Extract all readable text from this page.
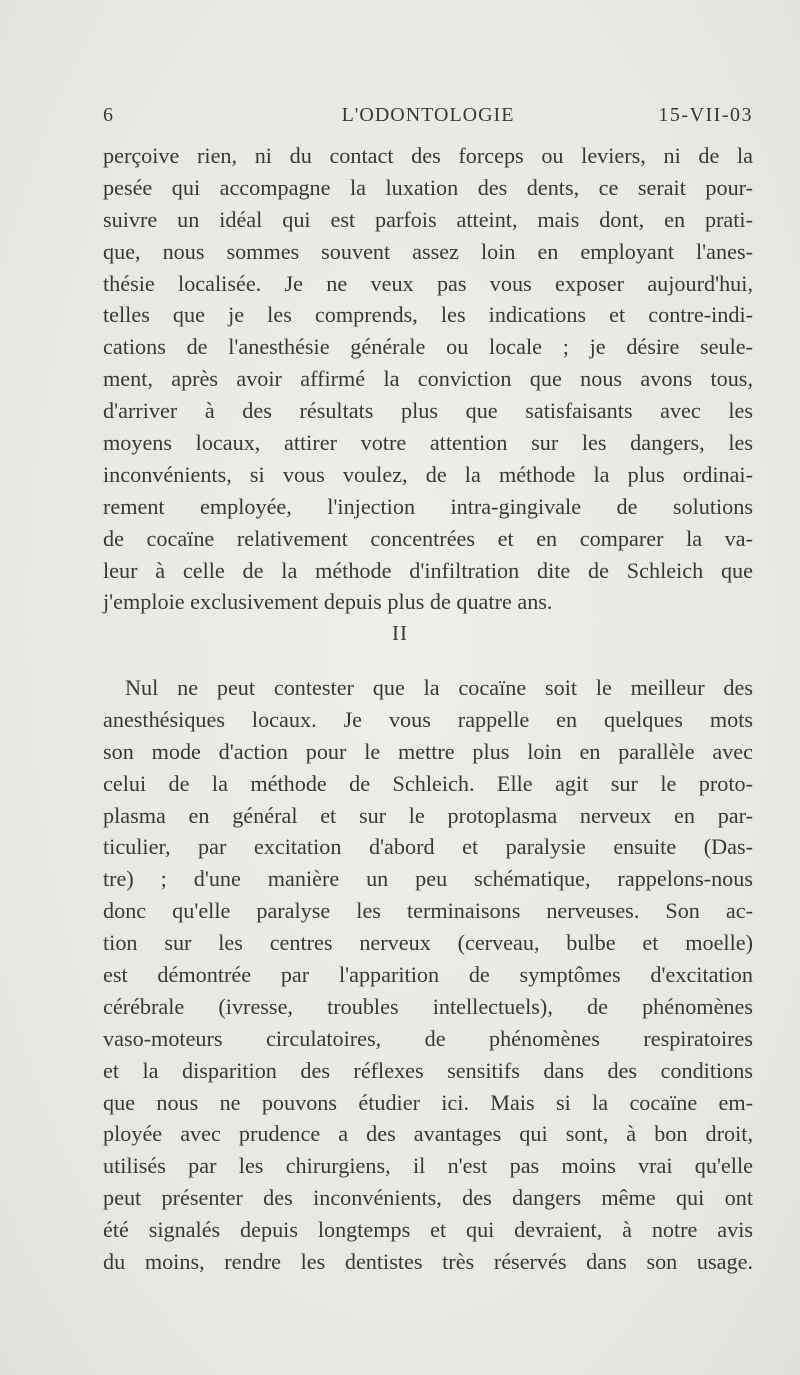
6	L'ODONTOLOGIE	15-VII-03
perçoive rien, ni du contact des forceps ou leviers, ni de la
pesée qui accompagne la luxation des dents, ce serait pour-
suivre un idéal qui est parfois atteint, mais dont, en prati-
que, nous sommes souvent assez loin en employant l'anes-
thésie localisée. Je ne veux pas vous exposer aujourd'hui,
telles que je les comprends, les indications et contre-indi-
cations de l'anesthésie générale ou locale ; je désire seule-
ment, après avoir affirmé la conviction que nous avons tous,
d'arriver à des résultats plus que satisfaisants avec les
moyens locaux, attirer votre attention sur les dangers, les
inconvénients, si vous voulez, de la méthode la plus ordinai-
rement employée, l'injection intra-gingivale de solutions
de cocaïne relativement concentrées et en comparer la va-
leur à celle de la méthode d'infiltration dite de Schleich que
j'emploie exclusivement depuis plus de quatre ans.
II
Nul ne peut contester que la cocaïne soit le meilleur des
anesthésiques locaux. Je vous rappelle en quelques mots
son mode d'action pour le mettre plus loin en parallèle avec
celui de la méthode de Schleich. Elle agit sur le proto-
plasma en général et sur le protoplasma nerveux en par-
ticulier, par excitation d'abord et paralysie ensuite (Das-
tre) ; d'une manière un peu schématique, rappelons-nous
donc qu'elle paralyse les terminaisons nerveuses. Son ac-
tion sur les centres nerveux (cerveau, bulbe et moelle)
est démontrée par l'apparition de symptômes d'excitation
cérébrale (ivresse, troubles intellectuels), de phénomènes
vaso-moteurs circulatoires, de phénomènes respiratoires
et la disparition des réflexes sensitifs dans des conditions
que nous ne pouvons étudier ici. Mais si la cocaïne em-
ployée avec prudence a des avantages qui sont, à bon droit,
utilisés par les chirurgiens, il n'est pas moins vrai qu'elle
peut présenter des inconvénients, des dangers même qui ont
été signalés depuis longtemps et qui devraient, à notre avis
du moins, rendre les dentistes très réservés dans son usage.
